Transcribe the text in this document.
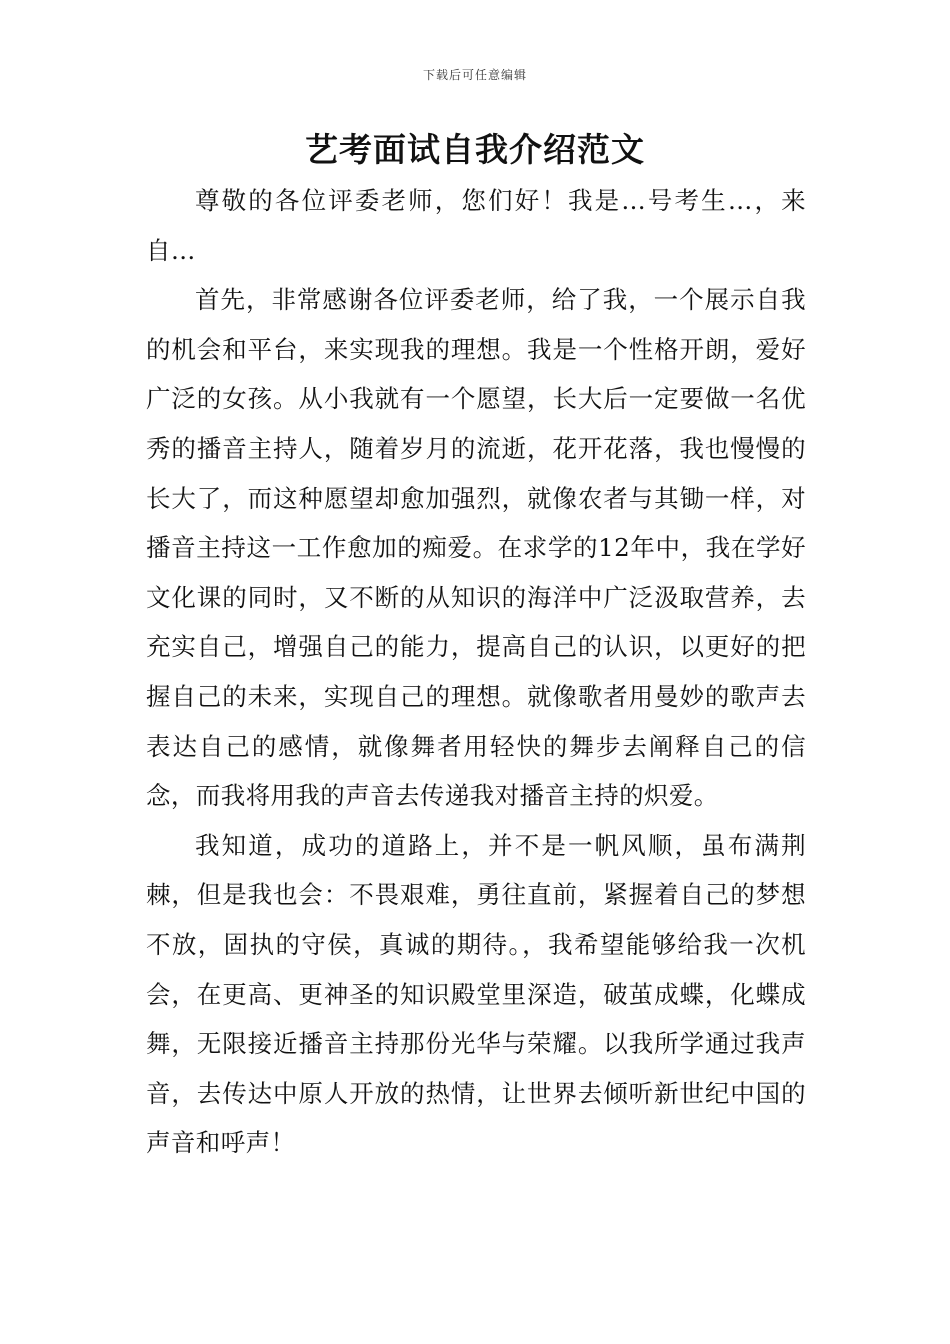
下载后可任意编辑
艺考面试自我介绍范文

尊敬的各位评委老师，您们好！我是…号考生…，来自…

首先，非常感谢各位评委老师，给了我，一个展示自我的机会和平台，来实现我的理想。我是一个性格开朗，爱好广泛的女孩。从小我就有一个愿望，长大后一定要做一名优秀的播音主持人，随着岁月的流逝，花开花落，我也慢慢的长大了，而这种愿望却愈加强烈，就像农者与其锄一样，对播音主持这一工作愈加的痴爱。在求学的12年中，我在学好文化课的同时，又不断的从知识的海洋中广泛汲取营养，去充实自己，增强自己的能力，提高自己的认识，以更好的把握自己的未来，实现自己的理想。就像歌者用曼妙的歌声去表达自己的感情，就像舞者用轻快的舞步去阐释自己的信念，而我将用我的声音去传递我对播音主持的炽爱。

我知道，成功的道路上，并不是一帆风顺，虽布满荆棘，但是我也会：不畏艰难，勇往直前，紧握着自己的梦想不放，固执的守侯，真诚的期待。，我希望能够给我一次机会，在更高、更神圣的知识殿堂里深造，破茧成蝶，化蝶成舞，无限接近播音主持那份光华与荣耀。以我所学通过我声音，去传达中原人开放的热情，让世界去倾听新世纪中国的声音和呼声！
